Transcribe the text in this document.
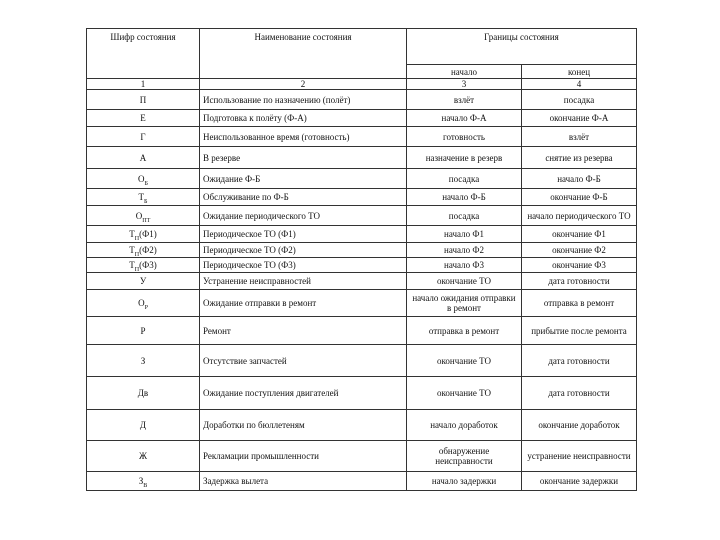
Шифр состояния	Наименование состояния	Границы состояния	
		начало	конец
1	2	3	4
П	Использование по назначению (полёт)	взлёт	посадка
Е	Подготовка к полёту (Ф-А)	начало Ф-А	окончание Ф-А
Г	Неиспользованное время (готовность)	готовность	взлёт
А	В резерве	назначение в резерв	снятие из резерва
$О_Б$	Ожидание Ф-Б	посадка	начало Ф-Б
$Т_Б$	Обслуживание по Ф-Б	начало Ф-Б	окончание Ф-Б
$О_{ПТ}$	Ожидание периодического ТО	посадка	начало периодического ТО
$Т_П(Ф1)$	Периодическое ТО (Ф1)	начало Ф1	окончание Ф1
$Т_П(Ф2)$	Периодическое ТО (Ф2)	начало Ф2	окончание Ф2
$Т_П(Ф3)$	Периодическое ТО (Ф3)	начало Ф3	окончание Ф3
У	Устранение неисправностей	окончание ТО	дата готовности
$О_Р$	Ожидание отправки в ремонт	начало ожидания отправки в ремонт	отправка в ремонт
Р	Ремонт	отправка в ремонт	прибытие после ремонта
З	Отсутствие запчастей	окончание ТО	дата готовности
Дв	Ожидание поступления двигателей	окончание ТО	дата готовности
Д	Доработки по бюллетеням	начало доработок	окончание доработок
Ж	Рекламации промышленности	обнаружение неисправности	устранение неисправности
$З_В$	Задержка вылета	начало задержки	окончание задержки
